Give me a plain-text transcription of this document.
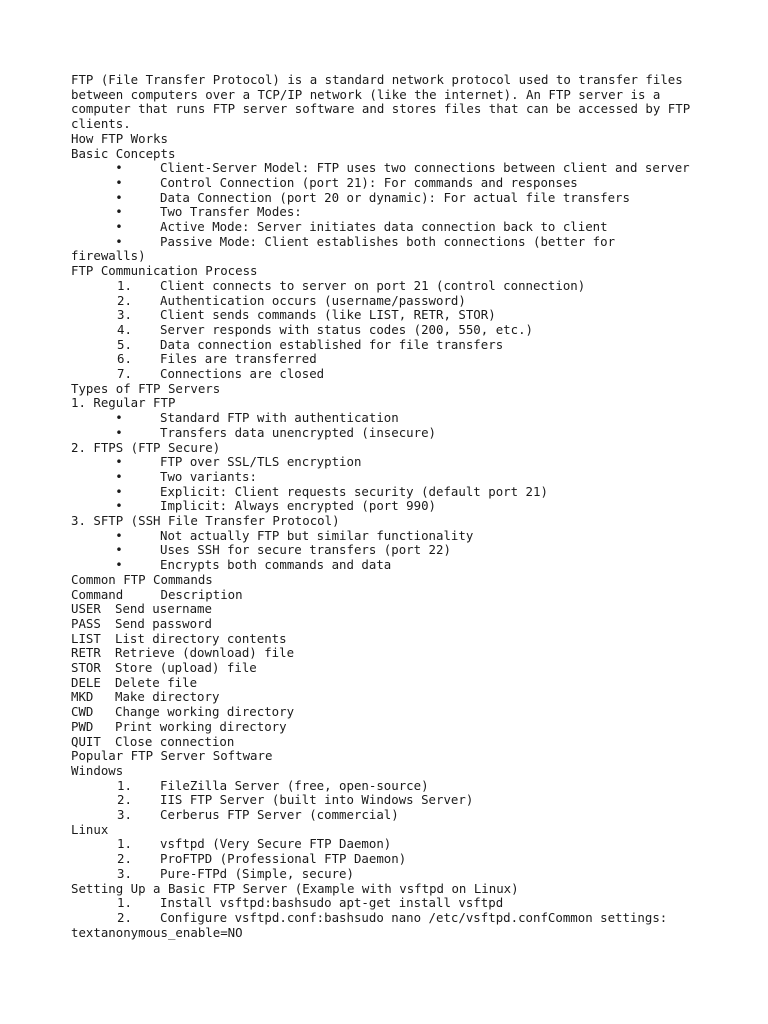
FTP (File Transfer Protocol) is a standard network protocol used to transfer files
between computers over a TCP/IP network (like the internet). An FTP server is a
computer that runs FTP server software and stores files that can be accessed by FTP
clients.
How FTP Works
Basic Concepts
•	Client-Server Model: FTP uses two connections between client and server
•	Control Connection (port 21): For commands and responses
•	Data Connection (port 20 or dynamic): For actual file transfers
•	Two Transfer Modes:
•	Active Mode: Server initiates data connection back to client
•	Passive Mode: Client establishes both connections (better for
firewalls)
FTP Communication Process
1. Client connects to server on port 21 (control connection)
2. Authentication occurs (username/password)
3. Client sends commands (like LIST, RETR, STOR)
4. Server responds with status codes (200, 550, etc.)
5. Data connection established for file transfers
6. Files are transferred
7. Connections are closed
Types of FTP Servers
1. Regular FTP
•	Standard FTP with authentication
•	Transfers data unencrypted (insecure)
2. FTPS (FTP Secure)
•	FTP over SSL/TLS encryption
•	Two variants:
•	Explicit: Client requests security (default port 21)
•	Implicit: Always encrypted (port 990)
3. SFTP (SSH File Transfer Protocol)
•	Not actually FTP but similar functionality
•	Uses SSH for secure transfers (port 22)
•	Encrypts both commands and data
Common FTP Commands
Command     Description
USER Send username
PASS Send password
LIST List directory contents
RETR Retrieve (download) file
STOR Store (upload) file
DELE Delete file
MKD Make directory
CWD Change working directory
PWD Print working directory
QUIT Close connection
Popular FTP Server Software
Windows
1. FileZilla Server (free, open-source)
2. IIS FTP Server (built into Windows Server)
3. Cerberus FTP Server (commercial)
Linux
1. vsftpd (Very Secure FTP Daemon)
2. ProFTPD (Professional FTP Daemon)
3. Pure-FTPd (Simple, secure)
Setting Up a Basic FTP Server (Example with vsftpd on Linux)
1. Install vsftpd:bashsudo apt-get install vsftpd
2. Configure vsftpd.conf:bashsudo nano /etc/vsftpd.confCommon settings:
textanonymous_enable=NO
